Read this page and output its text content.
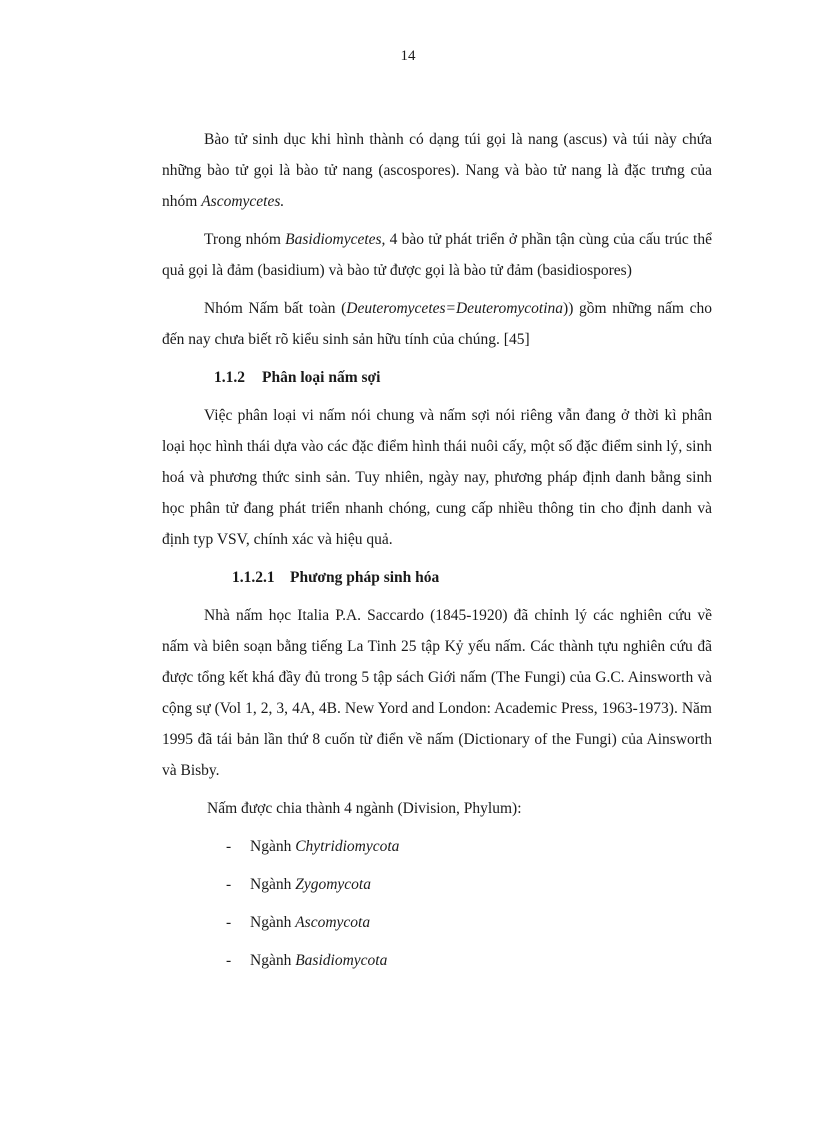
14

Bào tử sinh dục khi hình thành có dạng túi gọi là nang (ascus) và túi này chứa những bào tử gọi là bào tử nang (ascospores). Nang và bào tử nang là đặc trưng của nhóm Ascomycetes.

Trong nhóm Basidiomycetes, 4 bào tử phát triển ở phần tận cùng của cấu trúc thể quả gọi là đảm (basidium) và bào tử được gọi là bào tử đảm (basidiospores)

Nhóm Nấm bất toàn (Deuteromycetes=Deuteromycotina)) gồm những nấm cho đến nay chưa biết rõ kiểu sinh sản hữu tính của chúng. [45]

1.1.2 Phân loại nấm sợi

Việc phân loại vi nấm nói chung và nấm sợi nói riêng vẫn đang ở thời kì phân loại học hình thái dựa vào các đặc điểm hình thái nuôi cấy, một số đặc điểm sinh lý, sinh hoá và phương thức sinh sản. Tuy nhiên, ngày nay, phương pháp định danh bằng sinh học phân tử đang phát triển nhanh chóng, cung cấp nhiều thông tin cho định danh và định typ VSV, chính xác và hiệu quả.

1.1.2.1 Phương pháp sinh hóa

Nhà nấm học Italia P.A. Saccardo (1845-1920) đã chỉnh lý các nghiên cứu về nấm và biên soạn bằng tiếng La Tinh 25 tập Kỷ yếu nấm. Các thành tựu nghiên cứu đã được tổng kết khá đầy đủ trong 5 tập sách Giới nấm (The Fungi) của G.C. Ainsworth và cộng sự (Vol 1, 2, 3, 4A, 4B. New Yord and London: Academic Press, 1963-1973). Năm 1995 đã tái bản lần thứ 8 cuốn từ điển về nấm (Dictionary of the Fungi) của Ainsworth và Bisby.

Nấm được chia thành 4 ngành (Division, Phylum):
-	Ngành Chytridiomycota
-	Ngành Zygomycota
-	Ngành Ascomycota
-	Ngành Basidiomycota
